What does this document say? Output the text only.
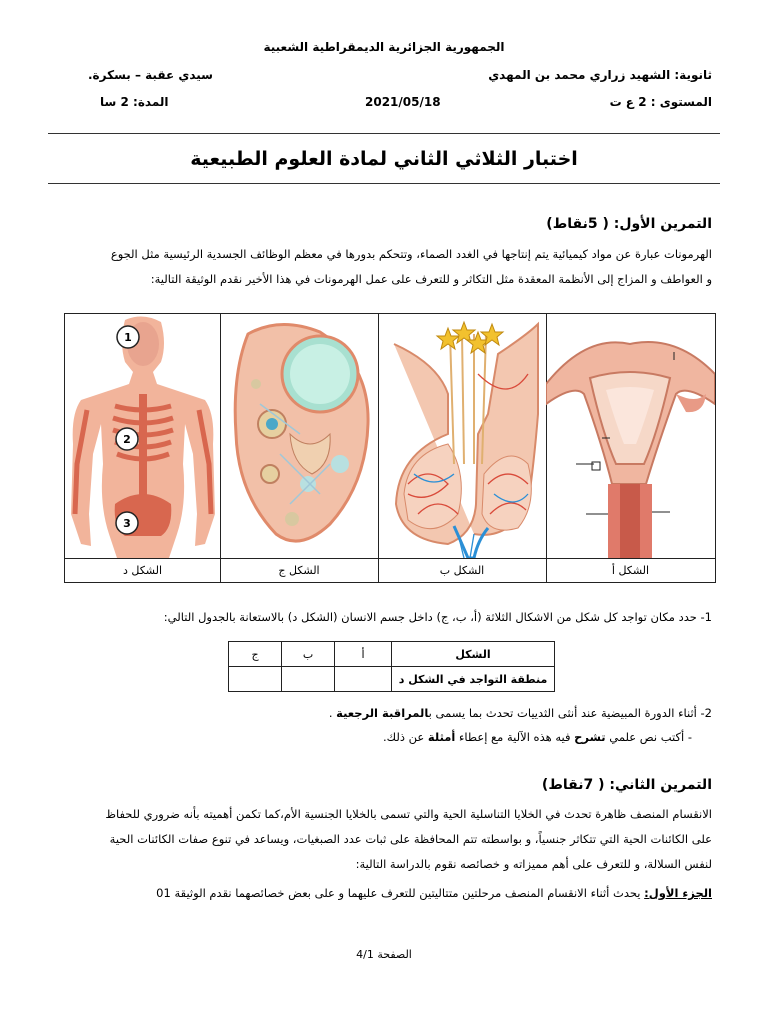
الجمهورية الجزائرية الديمقراطية الشعبية
ثانوية: الشهيد زراري محمد بن المهدي
سيدي عقبة – بسكرة.
المستوى : 2 ع ت
2021/05/18
المدة: 2 سا
اختبار الثلاثي الثاني لمادة العلوم الطبيعية
التمرين الأول: ( 5نقاط)
الهرمونات عبارة عن مواد كيميائية يتم إنتاجها في الغدد الصماء، وتتحكم بدورها في معظم الوظائف الجسدية الرئيسية مثل الجوع
و العواطف و المزاج إلى الأنظمة المعقدة مثل التكاثر و للتعرف على عمل الهرمونات في هذا الأخير نقدم الوثيقة التالية:
1
2
3
الشكل د	الشكل ج	الشكل ب	الشكل أ
1- حدد مكان تواجد كل شكل من الاشكال الثلاثة (أ، ب، ج) داخل جسم الانسان (الشكل د) بالاستعانة بالجدول التالي:
الشكل	أ	ب	ج
منطقة التواجد في الشكل د			
2- أثناء الدورة المبيضية عند أنثى الثدييات تحدث بما يسمى بالمراقبة الرجعية .
- أكتب نص علمي تشرح فيه هذه الآلية مع إعطاء أمثلة عن ذلك.
التمرين الثاني: ( 7نقاط)
الانقسام المنصف ظاهرة تحدث في الخلايا التناسلية الحية والتي تسمى بالخلايا الجنسية الأم،كما تكمن أهميته بأنه ضروري للحفاظ
على الكائنات الحية التي تتكاثر جنسياً، و بواسطته تتم المحافظة على ثبات عدد الصبغيات، ويساعد في تنوع صفات الكائنات الحية
لنفس السلالة، و للتعرف على أهم مميزاته و خصائصه نقوم بالدراسة التالية:
الجزء الأول: يحدث أثناء الانقسام المنصف مرحلتين متتاليتين للتعرف عليهما و على بعض خصائصهما نقدم الوثيقة 01
الصفحة 4/1
